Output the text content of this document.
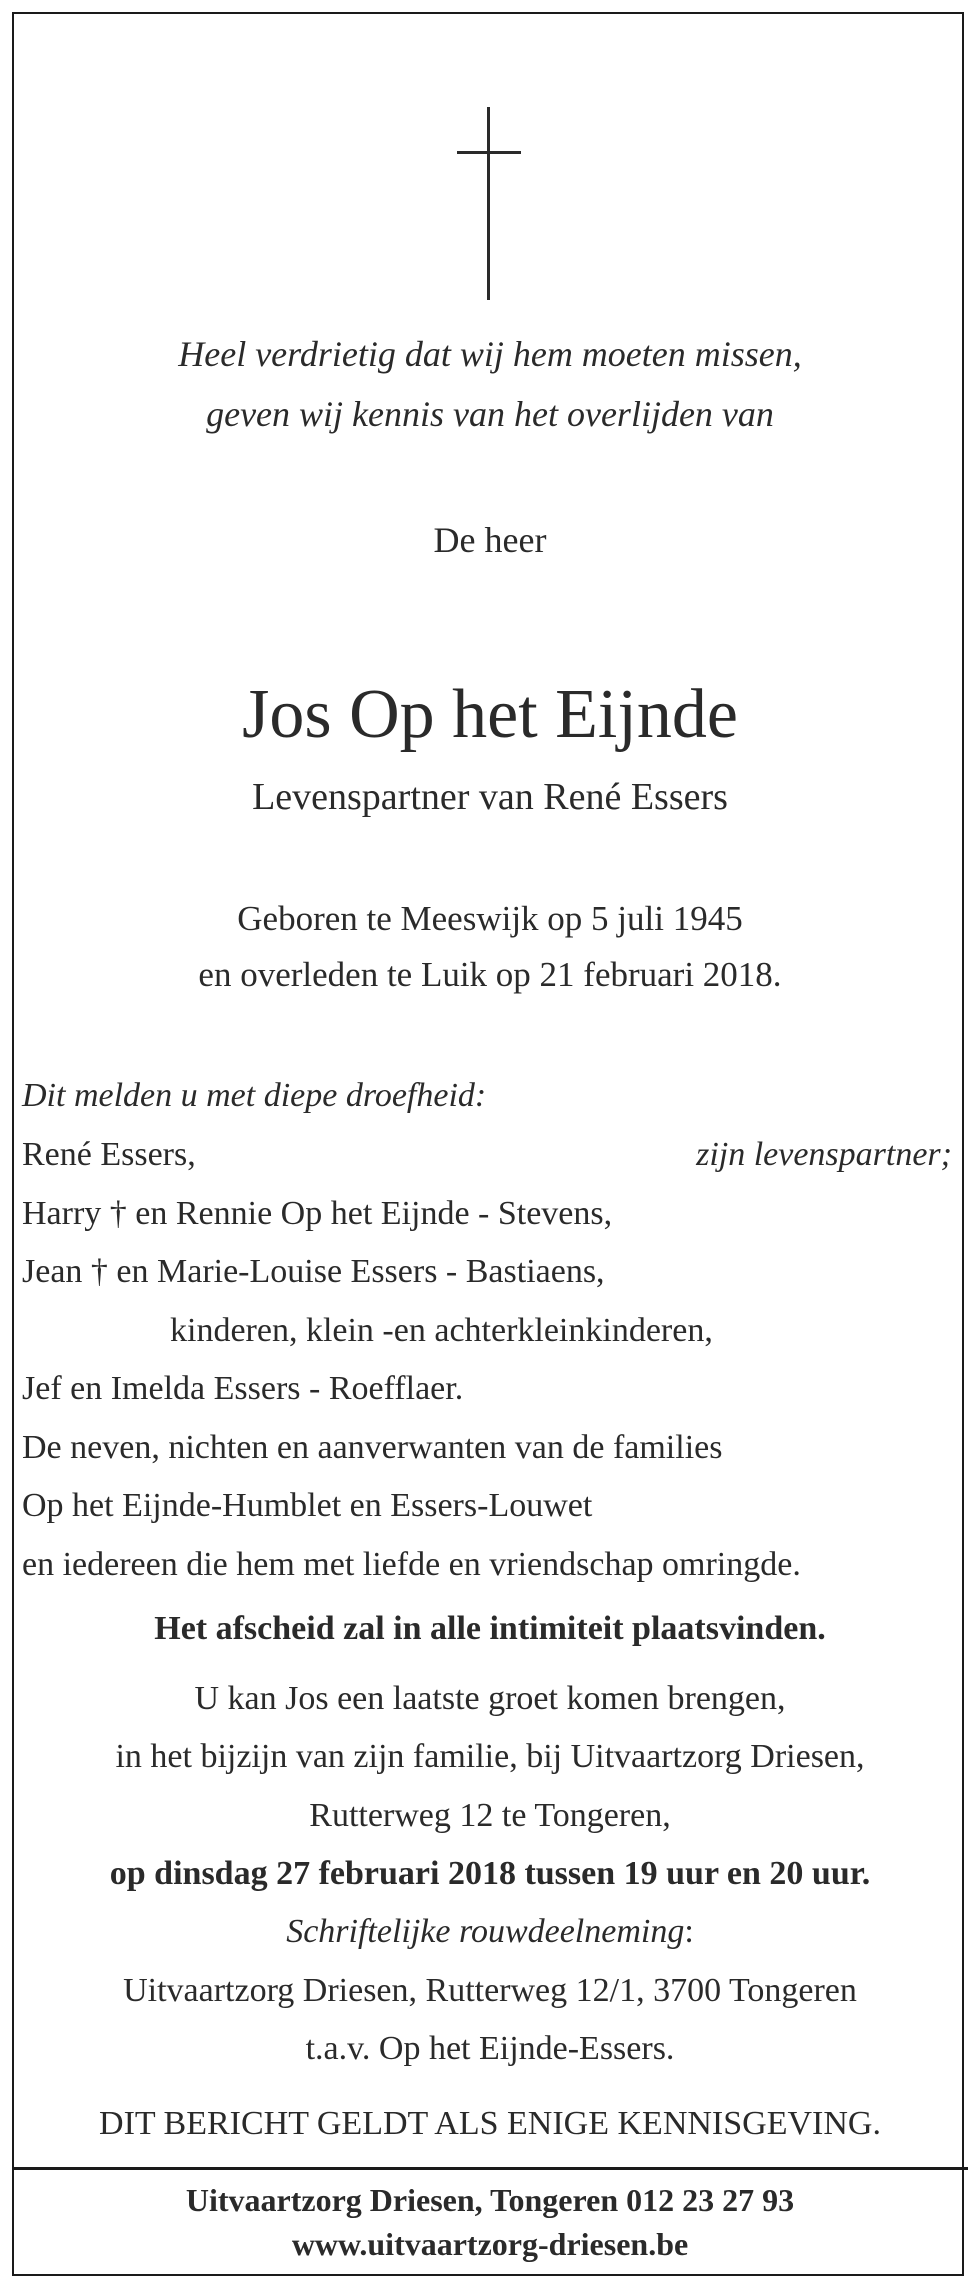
Heel verdrietig dat wij hem moeten missen,
geven wij kennis van het overlijden van
De heer
Jos Op het Eijnde
Levenspartner van René Essers
Geboren te Meeswijk op 5 juli 1945
en overleden te Luik op 21 februari 2018.
Dit melden u met diepe droefheid:
René Essers,	zijn levenspartner;
Harry † en Rennie Op het Eijnde - Stevens,
Jean † en Marie-Louise Essers - Bastiaens,
kinderen, klein -en achterkleinkinderen,
Jef en Imelda Essers - Roefflaer.
De neven, nichten en aanverwanten van de families
Op het Eijnde-Humblet en Essers-Louwet
en iedereen die hem met liefde en vriendschap omringde.
Het afscheid zal in alle intimiteit plaatsvinden.
U kan Jos een laatste groet komen brengen,
in het bijzijn van zijn familie, bij Uitvaartzorg Driesen,
Rutterweg 12 te Tongeren,
op dinsdag 27 februari 2018 tussen 19 uur en 20 uur.
Schriftelijke rouwdeelneming:
Uitvaartzorg Driesen, Rutterweg 12/1, 3700 Tongeren
t.a.v. Op het Eijnde-Essers.
DIT BERICHT GELDT ALS ENIGE KENNISGEVING.
Uitvaartzorg Driesen, Tongeren 012 23 27 93
www.uitvaartzorg-driesen.be
